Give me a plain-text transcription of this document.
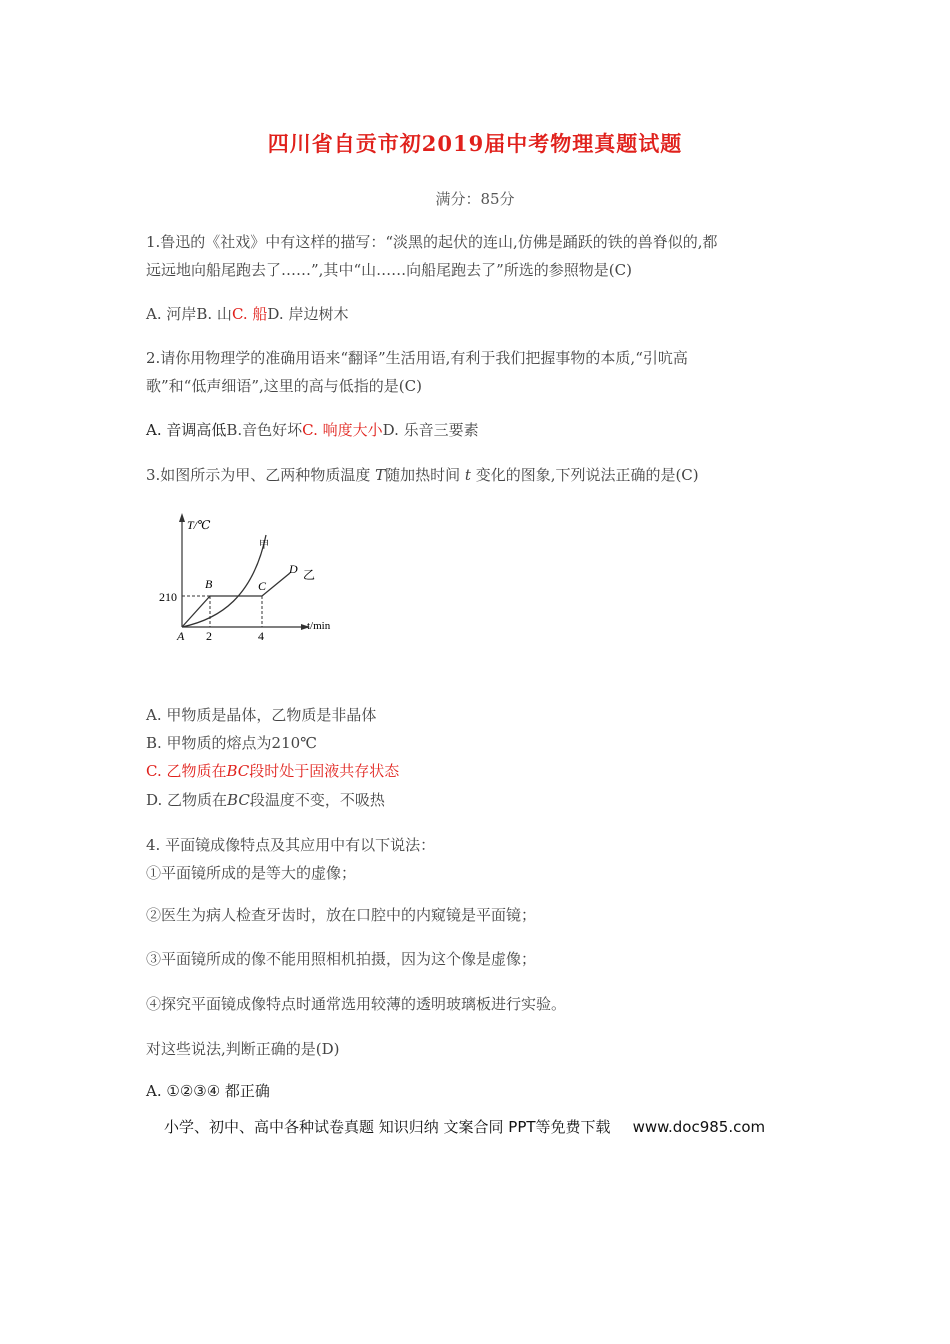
四川省自贡市初2019届中考物理真题试题
满分：85分
1.鲁迅的《社戏》中有这样的描写：“淡黑的起伏的连山,仿佛是踊跃的铁的兽脊似的,都
远远地向船尾跑去了……”,其中“山……向船尾跑去了”所选的参照物是(C)
A. 河岸B. 山C. 船D. 岸边树木
2.请你用物理学的准确用语来“翻译”生活用语,有利于我们把握事物的本质,“引吭高
歌”和“低声细语”,这里的高与低指的是(C)
A. 音调高低B.音色好坏C. 响度大小D. 乐音三要素
3.如图所示为甲、乙两种物质温度 T随加热时间 t 变化的图象,下列说法正确的是(C)
T/℃
t/min
210
2	4
A
B	C
D
甲
乙
A. 甲物质是晶体，乙物质是非晶体
B. 甲物质的熔点为210℃
C. 乙物质在BC段时处于固液共存状态
D. 乙物质在BC段温度不变，不吸热
4. 平面镜成像特点及其应用中有以下说法：
①平面镜所成的是等大的虚像；
②医生为病人检查牙齿时，放在口腔中的内窥镜是平面镜；
③平面镜所成的像不能用照相机拍摄，因为这个像是虚像；
④探究平面镜成像特点时通常选用较薄的透明玻璃板进行实验。
对这些说法,判断正确的是(D)
A. ①②③④ 都正确
小学、初中、高中各种试卷真题 知识归纳 文案合同 PPT等免费下载 www.doc985.com
